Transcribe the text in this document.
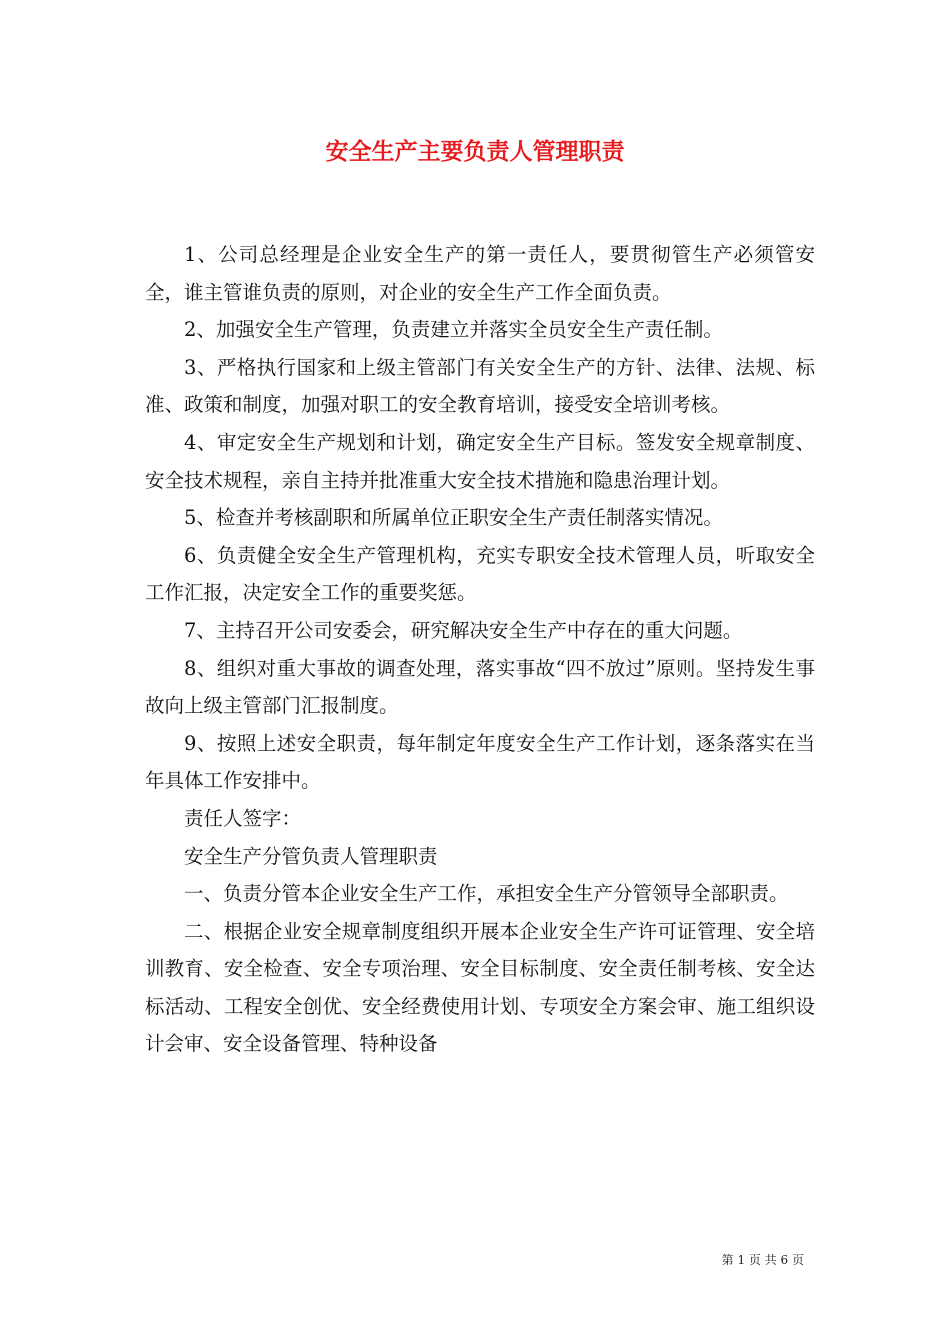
安全生产主要负责人管理职责

1、公司总经理是企业安全生产的第一责任人，要贯彻管生产必须管安全，谁主管谁负责的原则，对企业的安全生产工作全面负责。

2、加强安全生产管理，负责建立并落实全员安全生产责任制。

3、严格执行国家和上级主管部门有关安全生产的方针、法律、法规、标准、政策和制度，加强对职工的安全教育培训，接受安全培训考核。

4、审定安全生产规划和计划，确定安全生产目标。签发安全规章制度、安全技术规程，亲自主持并批准重大安全技术措施和隐患治理计划。

5、检查并考核副职和所属单位正职安全生产责任制落实情况。

6、负责健全安全生产管理机构，充实专职安全技术管理人员，听取安全工作汇报，决定安全工作的重要奖惩。

7、主持召开公司安委会，研究解决安全生产中存在的重大问题。

8、组织对重大事故的调查处理，落实事故“四不放过”原则。坚持发生事故向上级主管部门汇报制度。

9、按照上述安全职责，每年制定年度安全生产工作计划，逐条落实在当年具体工作安排中。

责任人签字：

安全生产分管负责人管理职责

一、负责分管本企业安全生产工作，承担安全生产分管领导全部职责。

二、根据企业安全规章制度组织开展本企业安全生产许可证管理、安全培训教育、安全检查、安全专项治理、安全目标制度、安全责任制考核、安全达标活动、工程安全创优、安全经费使用计划、专项安全方案会审、施工组织设计会审、安全设备管理、特种设备

第 1 页 共 6 页
